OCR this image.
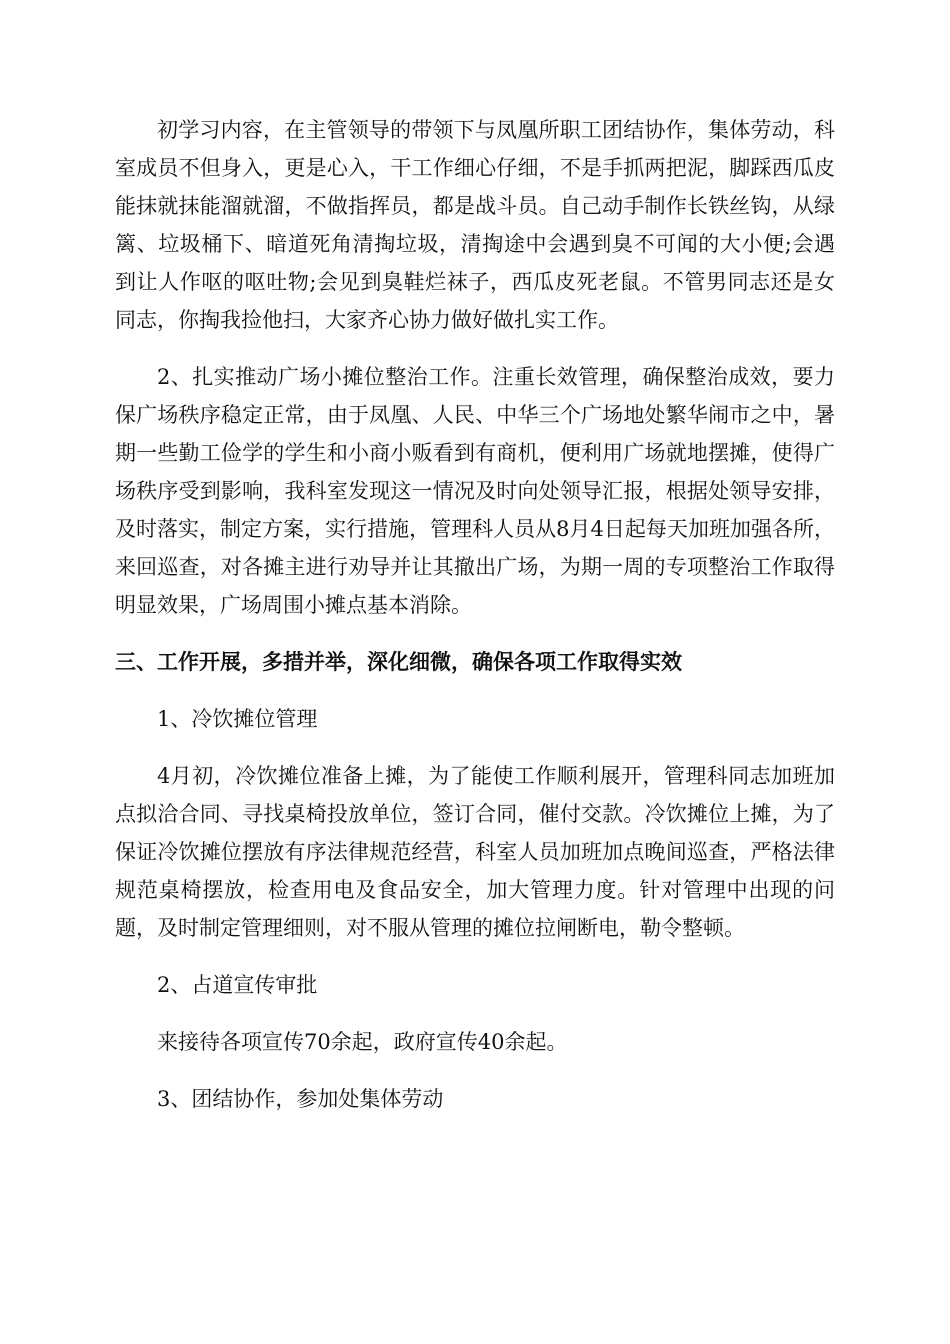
初学习内容，在主管领导的带领下与凤凰所职工团结协作，集体劳动，科室成员不但身入，更是心入，干工作细心仔细，不是手抓两把泥，脚踩西瓜皮能抹就抹能溜就溜，不做指挥员，都是战斗员。自己动手制作长铁丝钩，从绿篱、垃圾桶下、暗道死角清掏垃圾，清掏途中会遇到臭不可闻的大小便;会遇到让人作呕的呕吐物;会见到臭鞋烂袜子，西瓜皮死老鼠。不管男同志还是女同志，你掏我捡他扫，大家齐心协力做好做扎实工作。

2、扎实推动广场小摊位整治工作。注重长效管理，确保整治成效，要力保广场秩序稳定正常，由于凤凰、人民、中华三个广场地处繁华闹市之中，暑期一些勤工俭学的学生和小商小贩看到有商机，便利用广场就地摆摊，使得广场秩序受到影响，我科室发现这一情况及时向处领导汇报，根据处领导安排，及时落实，制定方案，实行措施，管理科人员从8月4日起每天加班加强各所，来回巡查，对各摊主进行劝导并让其撤出广场，为期一周的专项整治工作取得明显效果，广场周围小摊点基本消除。

三、工作开展，多措并举，深化细微，确保各项工作取得实效

1、冷饮摊位管理

4月初，冷饮摊位准备上摊，为了能使工作顺利展开，管理科同志加班加点拟洽合同、寻找桌椅投放单位，签订合同，催付交款。冷饮摊位上摊，为了保证冷饮摊位摆放有序法律规范经营，科室人员加班加点晚间巡查，严格法律规范桌椅摆放，检查用电及食品安全，加大管理力度。针对管理中出现的问题，及时制定管理细则，对不服从管理的摊位拉闸断电，勒令整顿。

2、占道宣传审批

来接待各项宣传70余起，政府宣传40余起。

3、团结协作，参加处集体劳动
